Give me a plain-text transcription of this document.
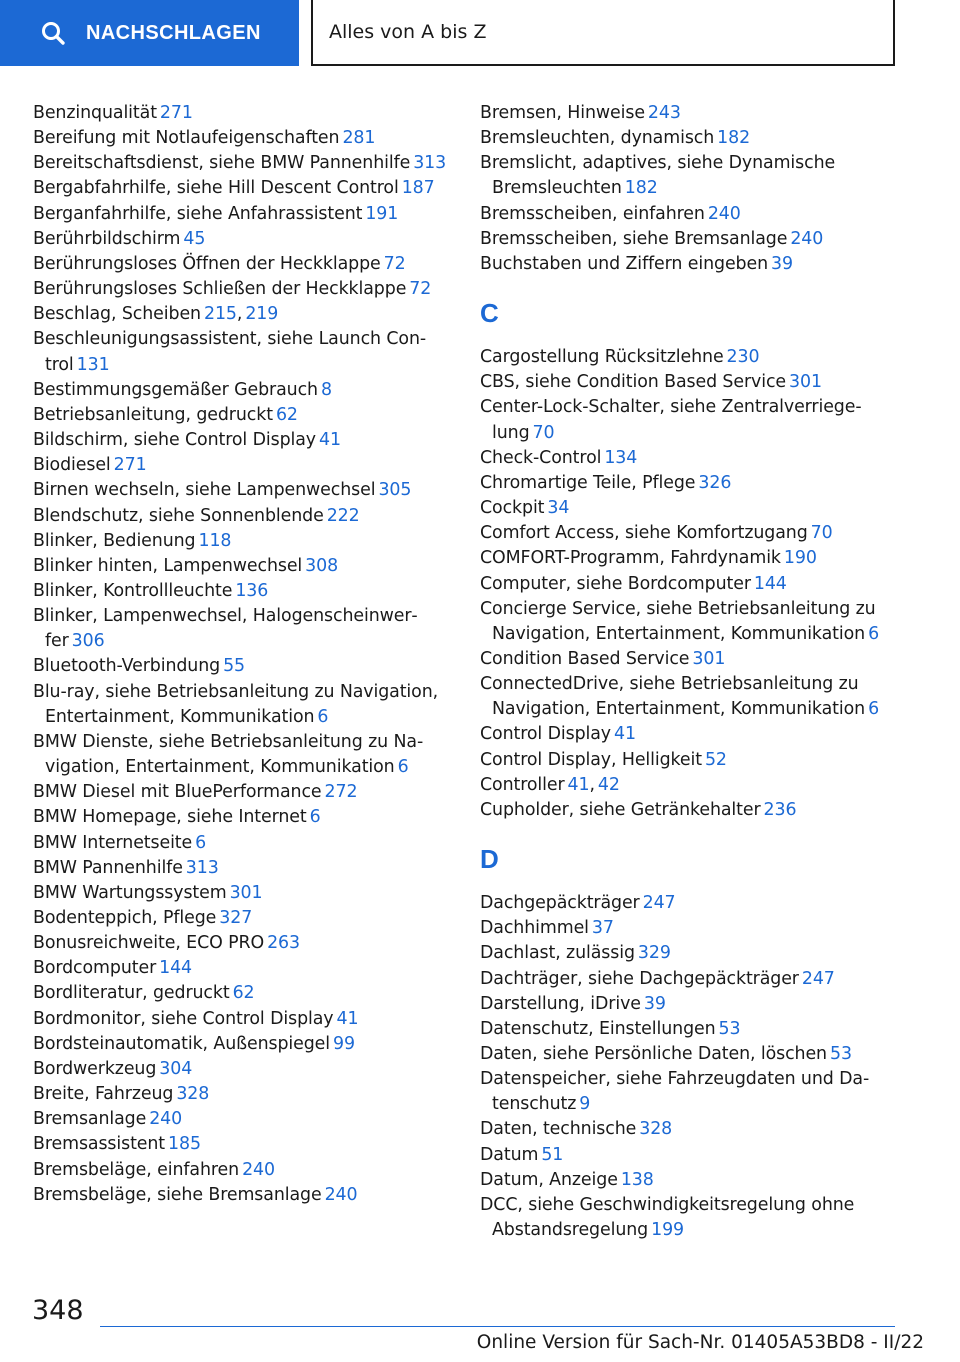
NACHSCHLAGEN	Alles von A bis Z
Benzinqualität 271
Bereifung mit Notlaufeigenschaften 281
Bereitschaftsdienst, siehe BMW Pannenhilfe 313
Bergabfahrhilfe, siehe Hill Descent Control 187
Berganfahrhilfe, siehe Anfahrassistent 191
Berührbildschirm 45
Berührungsloses Öffnen der Heckklappe 72
Berührungsloses Schließen der Heckklappe 72
Beschlag, Scheiben 215, 219
Beschleunigungsassistent, siehe Launch Control 131
Bestimmungsgemäßer Gebrauch 8
Betriebsanleitung, gedruckt 62
Bildschirm, siehe Control Display 41
Biodiesel 271
Birnen wechseln, siehe Lampenwechsel 305
Blendschutz, siehe Sonnenblende 222
Blinker, Bedienung 118
Blinker hinten, Lampenwechsel 308
Blinker, Kontrollleuchte 136
Blinker, Lampenwechsel, Halogenscheinwerfer 306
Bluetooth-Verbindung 55
Blu-ray, siehe Betriebsanleitung zu Navigation, Entertainment, Kommunikation 6
BMW Dienste, siehe Betriebsanleitung zu Navigation, Entertainment, Kommunikation 6
BMW Diesel mit BluePerformance 272
BMW Homepage, siehe Internet 6
BMW Internetseite 6
BMW Pannenhilfe 313
BMW Wartungssystem 301
Bodenteppich, Pflege 327
Bonusreichweite, ECO PRO 263
Bordcomputer 144
Bordliteratur, gedruckt 62
Bordmonitor, siehe Control Display 41
Bordsteinautomatik, Außenspiegel 99
Bordwerkzeug 304
Breite, Fahrzeug 328
Bremsanlage 240
Bremsassistent 185
Bremsbeläge, einfahren 240
Bremsbeläge, siehe Bremsanlage 240
Bremsen, Hinweise 243
Bremsleuchten, dynamisch 182
Bremslicht, adaptives, siehe Dynamische Bremsleuchten 182
Bremsscheiben, einfahren 240
Bremsscheiben, siehe Bremsanlage 240
Buchstaben und Ziffern eingeben 39
C
Cargostellung Rücksitzlehne 230
CBS, siehe Condition Based Service 301
Center-Lock-Schalter, siehe Zentralverriegelung 70
Check-Control 134
Chromartige Teile, Pflege 326
Cockpit 34
Comfort Access, siehe Komfortzugang 70
COMFORT-Programm, Fahrdynamik 190
Computer, siehe Bordcomputer 144
Concierge Service, siehe Betriebsanleitung zu Navigation, Entertainment, Kommunikation 6
Condition Based Service 301
ConnectedDrive, siehe Betriebsanleitung zu Navigation, Entertainment, Kommunikation 6
Control Display 41
Control Display, Helligkeit 52
Controller 41, 42
Cupholder, siehe Getränkehalter 236
D
Dachgepäckträger 247
Dachhimmel 37
Dachlast, zulässig 329
Dachträger, siehe Dachgepäckträger 247
Darstellung, iDrive 39
Datenschutz, Einstellungen 53
Daten, siehe Persönliche Daten, löschen 53
Datenspeicher, siehe Fahrzeugdaten und Datenschutz 9
Daten, technische 328
Datum 51
Datum, Anzeige 138
DCC, siehe Geschwindigkeitsregelung ohne Abstandsregelung 199
348
Online Version für Sach-Nr. 01405A53BD8 - II/22
